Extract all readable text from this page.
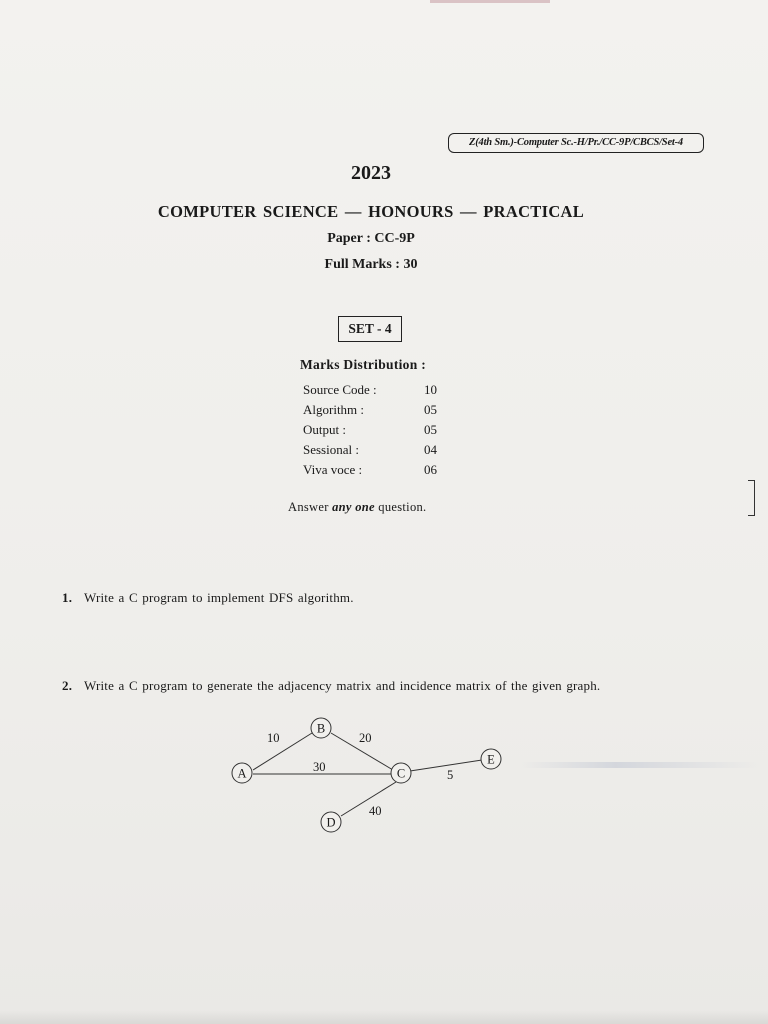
Z(4th Sm.)-Computer Sc.-H/Pr./CC-9P/CBCS/Set-4
2023
COMPUTER SCIENCE — HONOURS — PRACTICAL
Paper : CC-9P
Full Marks : 30
SET - 4
Marks Distribution :
Source Code :	10
Algorithm :	05
Output :	05
Sessional :	04
Viva voce :	06
Answer any one question.
1. Write a C program to implement DFS algorithm.
2. Write a C program to generate the adjacency matrix and incidence matrix of the given graph.
A
B
C
D
E
10	20
30
5
40
